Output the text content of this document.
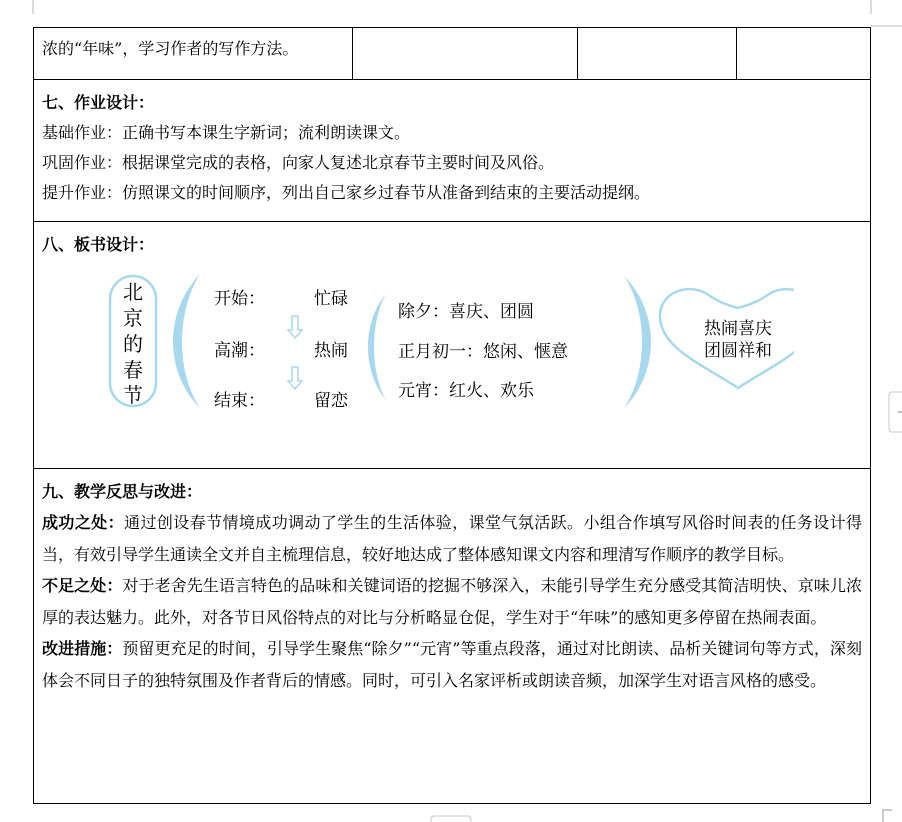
浓的“年味”，学习作者的写作方法。
七、作业设计：
基础作业：正确书写本课生字新词；流利朗读课文。
巩固作业：根据课堂完成的表格，向家人复述北京春节主要时间及风俗。
提升作业：仿照课文的时间顺序，列出自己家乡过春节从准备到结束的主要活动提纲。
八、板书设计：
北
京
的
春
节
开始：	忙碌
高潮：	热闹
结束：	留恋
除夕：喜庆、团圆
正月初一：悠闲、惬意
元宵：红火、欢乐
热闹喜庆
团圆祥和
九、教学反思与改进：
成功之处：通过创设春节情境成功调动了学生的生活体验，课堂气氛活跃。小组合作填写风俗时间表的任务设计得当，有效引导学生通读全文并自主梳理信息，较好地达成了整体感知课文内容和理清写作顺序的教学目标。
不足之处：对于老舍先生语言特色的品味和关键词语的挖掘不够深入，未能引导学生充分感受其简洁明快、京味儿浓厚的表达魅力。此外，对各节日风俗特点的对比与分析略显仓促，学生对于“年味”的感知更多停留在热闹表面。
改进措施：预留更充足的时间，引导学生聚焦“除夕”“元宵”等重点段落，通过对比朗读、品析关键词句等方式，深刻体会不同日子的独特氛围及作者背后的情感。同时，可引入名家评析或朗读音频，加深学生对语言风格的感受。
